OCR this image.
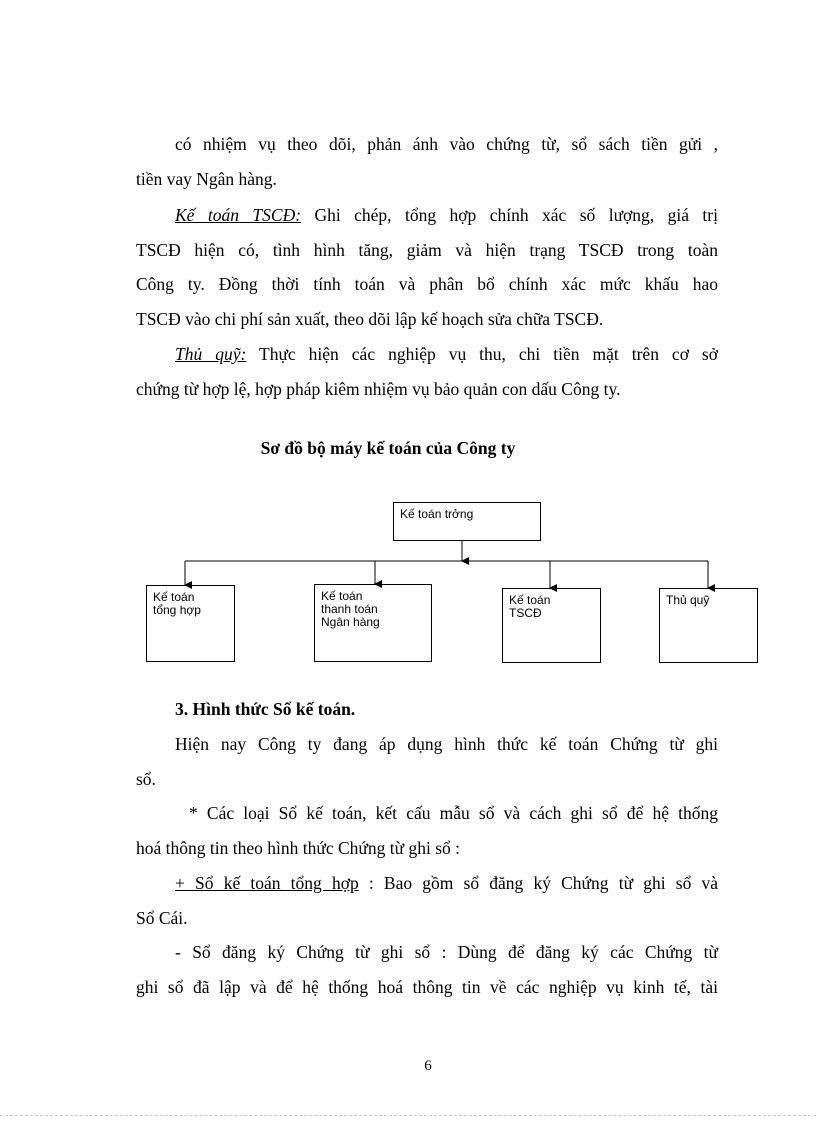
có nhiệm vụ theo dõi, phản ánh vào chứng từ, sổ sách tiền gửi ,
tiền vay Ngân hàng.
Kế toán TSCĐ: Ghi chép, tổng hợp chính xác số lượng, giá trị
TSCĐ hiện có, tình hình tăng, giảm và hiện trạng TSCĐ trong toàn
Công ty. Đồng thời tính toán và phân bổ chính xác mức khấu hao
TSCĐ vào chi phí sản xuất, theo dõi lập kế hoạch sửa chữa TSCĐ.
Thủ quỹ: Thực hiện các nghiệp vụ thu, chi tiền mặt trên cơ sở
chứng từ hợp lệ, hợp pháp kiêm nhiệm vụ bảo quản con dấu Công ty.
Sơ đồ bộ máy kế toán của Công ty
Kế toán trởng
Kế toán
tổng hợp
Kế toán
thanh toán
Ngân hàng
Kế toán
TSCĐ
Thủ quỹ
3. Hình thức Sổ kế toán.
Hiện nay Công ty đang áp dụng hình thức kế toán Chứng từ ghi
sổ.
* Các loại Sổ kế toán, kết cấu mẫu sổ và cách ghi sổ để hệ thống
hoá thông tin theo hình thức Chứng từ ghi sổ :
+ Sổ kế toán tổng hợp : Bao gồm sổ đăng ký Chứng từ ghi sổ và
Sổ Cái.
- Sổ đăng ký Chứng từ ghi sổ : Dùng để đăng ký các Chứng từ
ghi sổ đã lập và để hệ thống hoá thông tin về các nghiệp vụ kinh tế, tài
6
